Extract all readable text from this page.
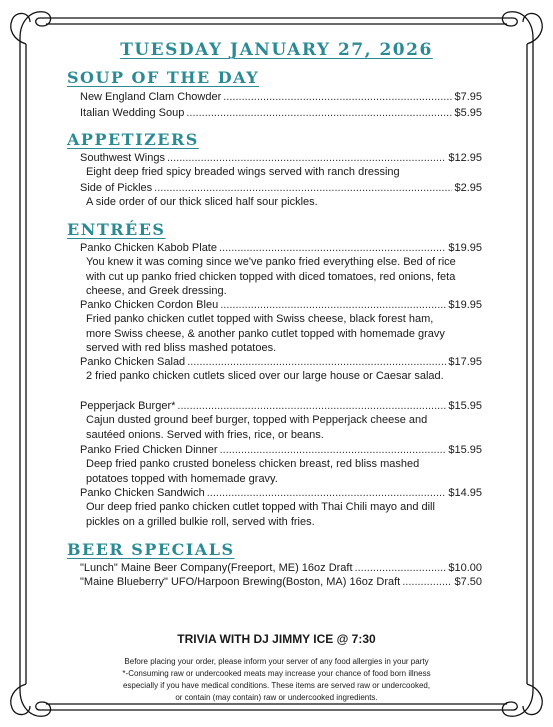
TUESDAY JANUARY 27, 2026
SOUP OF THE DAY
New England Clam Chowder .....	$7.95
Italian Wedding Soup .....	$5.95
APPETIZERS
Southwest Wings .....	$12.95
Eight deep fried spicy breaded wings served with ranch dressing
Side of Pickles .....	$2.95
A side order of our thick sliced half sour pickles.
ENTRÉES
Panko Chicken Kabob Plate .....	$19.95
You knew it was coming since we've panko fried everything else. Bed of rice with cut up panko fried chicken topped with diced tomatoes, red onions, feta cheese, and Greek dressing.
Panko Chicken Cordon Bleu .....	$19.95
Fried panko chicken cutlet topped with Swiss cheese, black forest ham, more Swiss cheese, & another panko cutlet topped with homemade gravy served with red bliss mashed potatoes.
Panko Chicken Salad .....	$17.95
2 fried panko chicken cutlets sliced over our large house or Caesar salad.
Pepperjack Burger* .....	$15.95
Cajun dusted ground beef burger, topped with Pepperjack cheese and sautéed onions. Served with fries, rice, or beans.
Panko Fried Chicken Dinner .....	$15.95
Deep fried panko crusted boneless chicken breast, red bliss mashed potatoes topped with homemade gravy.
Panko Chicken Sandwich .....	$14.95
Our deep fried panko chicken cutlet topped with Thai Chili mayo and dill pickles on a grilled bulkie roll, served with fries.
BEER SPECIALS
"Lunch" Maine Beer Company(Freeport, ME) 16oz Draft .....	$10.00
"Maine Blueberry" UFO/Harpoon Brewing(Boston, MA) 16oz Draft .....	$7.50
TRIVIA WITH DJ JIMMY ICE @ 7:30
Before placing your order, please inform your server of any food allergies in your party
*-Consuming raw or undercooked meats may increase your chance of food born illness
especially if you have medical conditions. These items are served raw or undercooked,
or contain (may contain) raw or undercooked ingredients.
